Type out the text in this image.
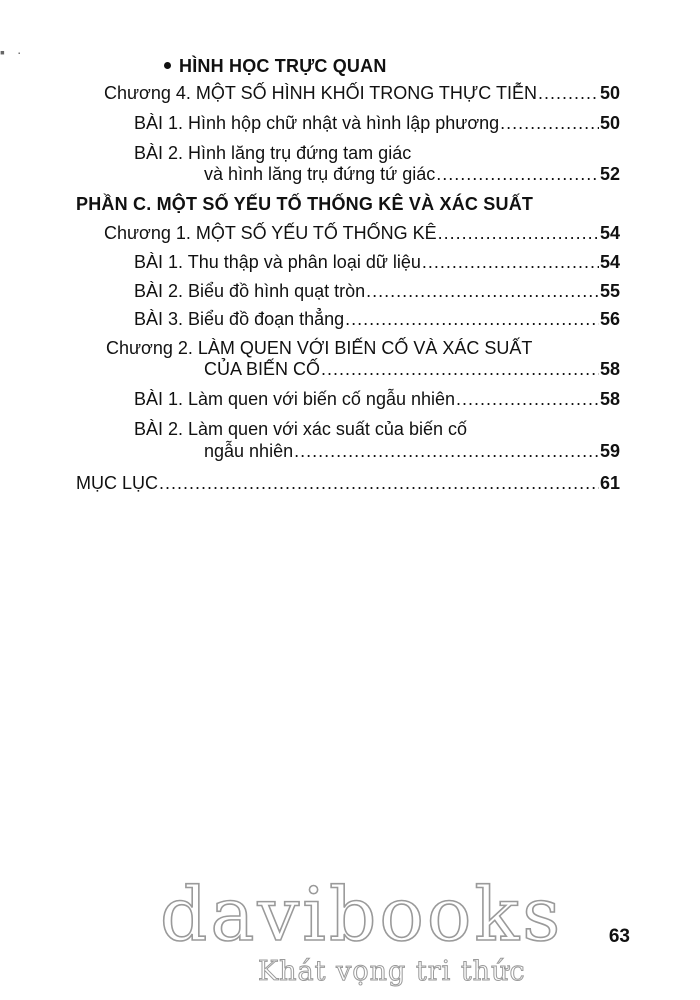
▪ ·
HÌNH HỌC TRỰC QUAN
Chương 4. MỘT SỐ HÌNH KHỐI TRONG THỰC TIỄN .....	50
BÀI 1. Hình hộp chữ nhật và hình lập phương .....	50
BÀI 2. Hình lăng trụ đứng tam giác
và hình lăng trụ đứng tứ giác .....	52
PHẦN C. MỘT SỐ YẾU TỐ THỐNG KÊ VÀ XÁC SUẤT
Chương 1. MỘT SỐ YẾU TỐ THỐNG KÊ .....	54
BÀI 1. Thu thập và phân loại dữ liệu .....	54
BÀI 2. Biểu đồ hình quạt tròn .....	55
BÀI 3. Biểu đồ đoạn thẳng .....	56
Chương 2. LÀM QUEN VỚI BIẾN CỐ VÀ XÁC SUẤT
CỦA BIẾN CỐ .....	58
BÀI 1. Làm quen với biến cố ngẫu nhiên .....	58
BÀI 2. Làm quen với xác suất của biến cố
ngẫu nhiên .....	59
MỤC LỤC .....	61
davibooks
Khát vọng tri thức
63
